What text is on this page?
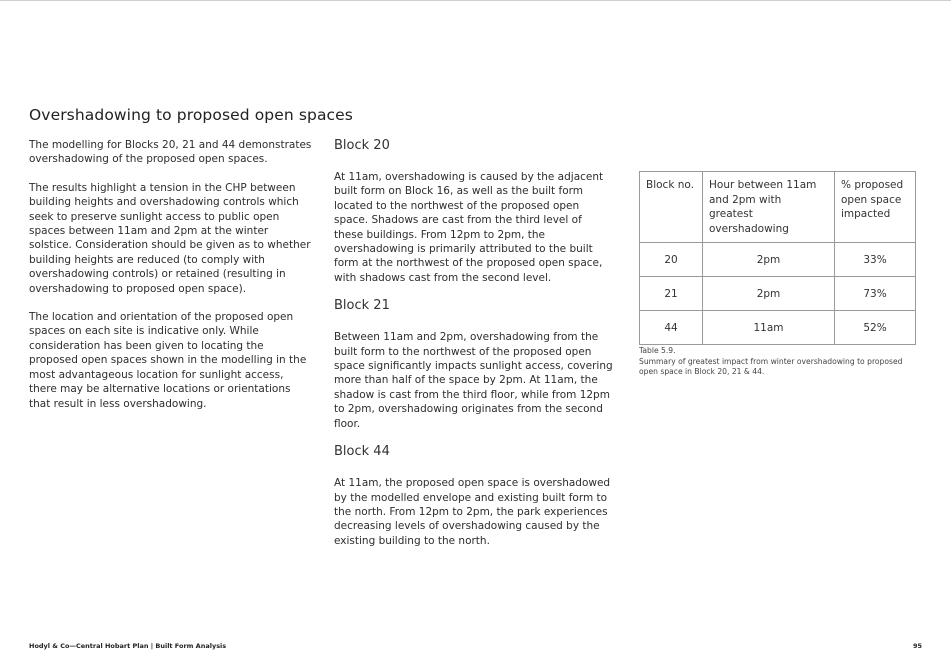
Overshadowing to proposed open spaces

The modelling for Blocks 20, 21 and 44 demonstrates overshadowing of the proposed open spaces.

The results highlight a tension in the CHP between building heights and overshadowing controls which seek to preserve sunlight access to public open spaces between 11am and 2pm at the winter solstice. Consideration should be given as to whether building heights are reduced (to comply with overshadowing controls) or retained (resulting in overshadowing to proposed open space).

The location and orientation of the proposed open spaces on each site is indicative only. While consideration has been given to locating the proposed open spaces shown in the modelling in the most advantageous location for sunlight access, there may be alternative locations or orientations that result in less overshadowing.

Block 20

At 11am, overshadowing is caused by the adjacent built form on Block 16, as well as the built form located to the northwest of the proposed open space. Shadows are cast from the third level of these buildings. From 12pm to 2pm, the overshadowing is primarily attributed to the built form at the northwest of the proposed open space, with shadows cast from the second level.

Block 21

Between 11am and 2pm, overshadowing from the built form to the northwest of the proposed open space significantly impacts sunlight access, covering more than half of the space by 2pm. At 11am, the shadow is cast from the third floor, while from 12pm to 2pm, overshadowing originates from the second floor.

Block 44

At 11am, the proposed open space is overshadowed by the modelled envelope and existing built form to the north. From 12pm to 2pm, the park experiences decreasing levels of overshadowing caused by the existing building to the north.

Block no.	Hour between 11am and 2pm with greatest overshadowing	% proposed open space impacted
20	2pm	33%
21	2pm	73%
44	11am	52%
Table 5.9.
Summary of greatest impact from winter overshadowing to proposed open space in Block 20, 21 & 44.
Hodyl & Co—Central Hobart Plan | Built Form Analysis	95
